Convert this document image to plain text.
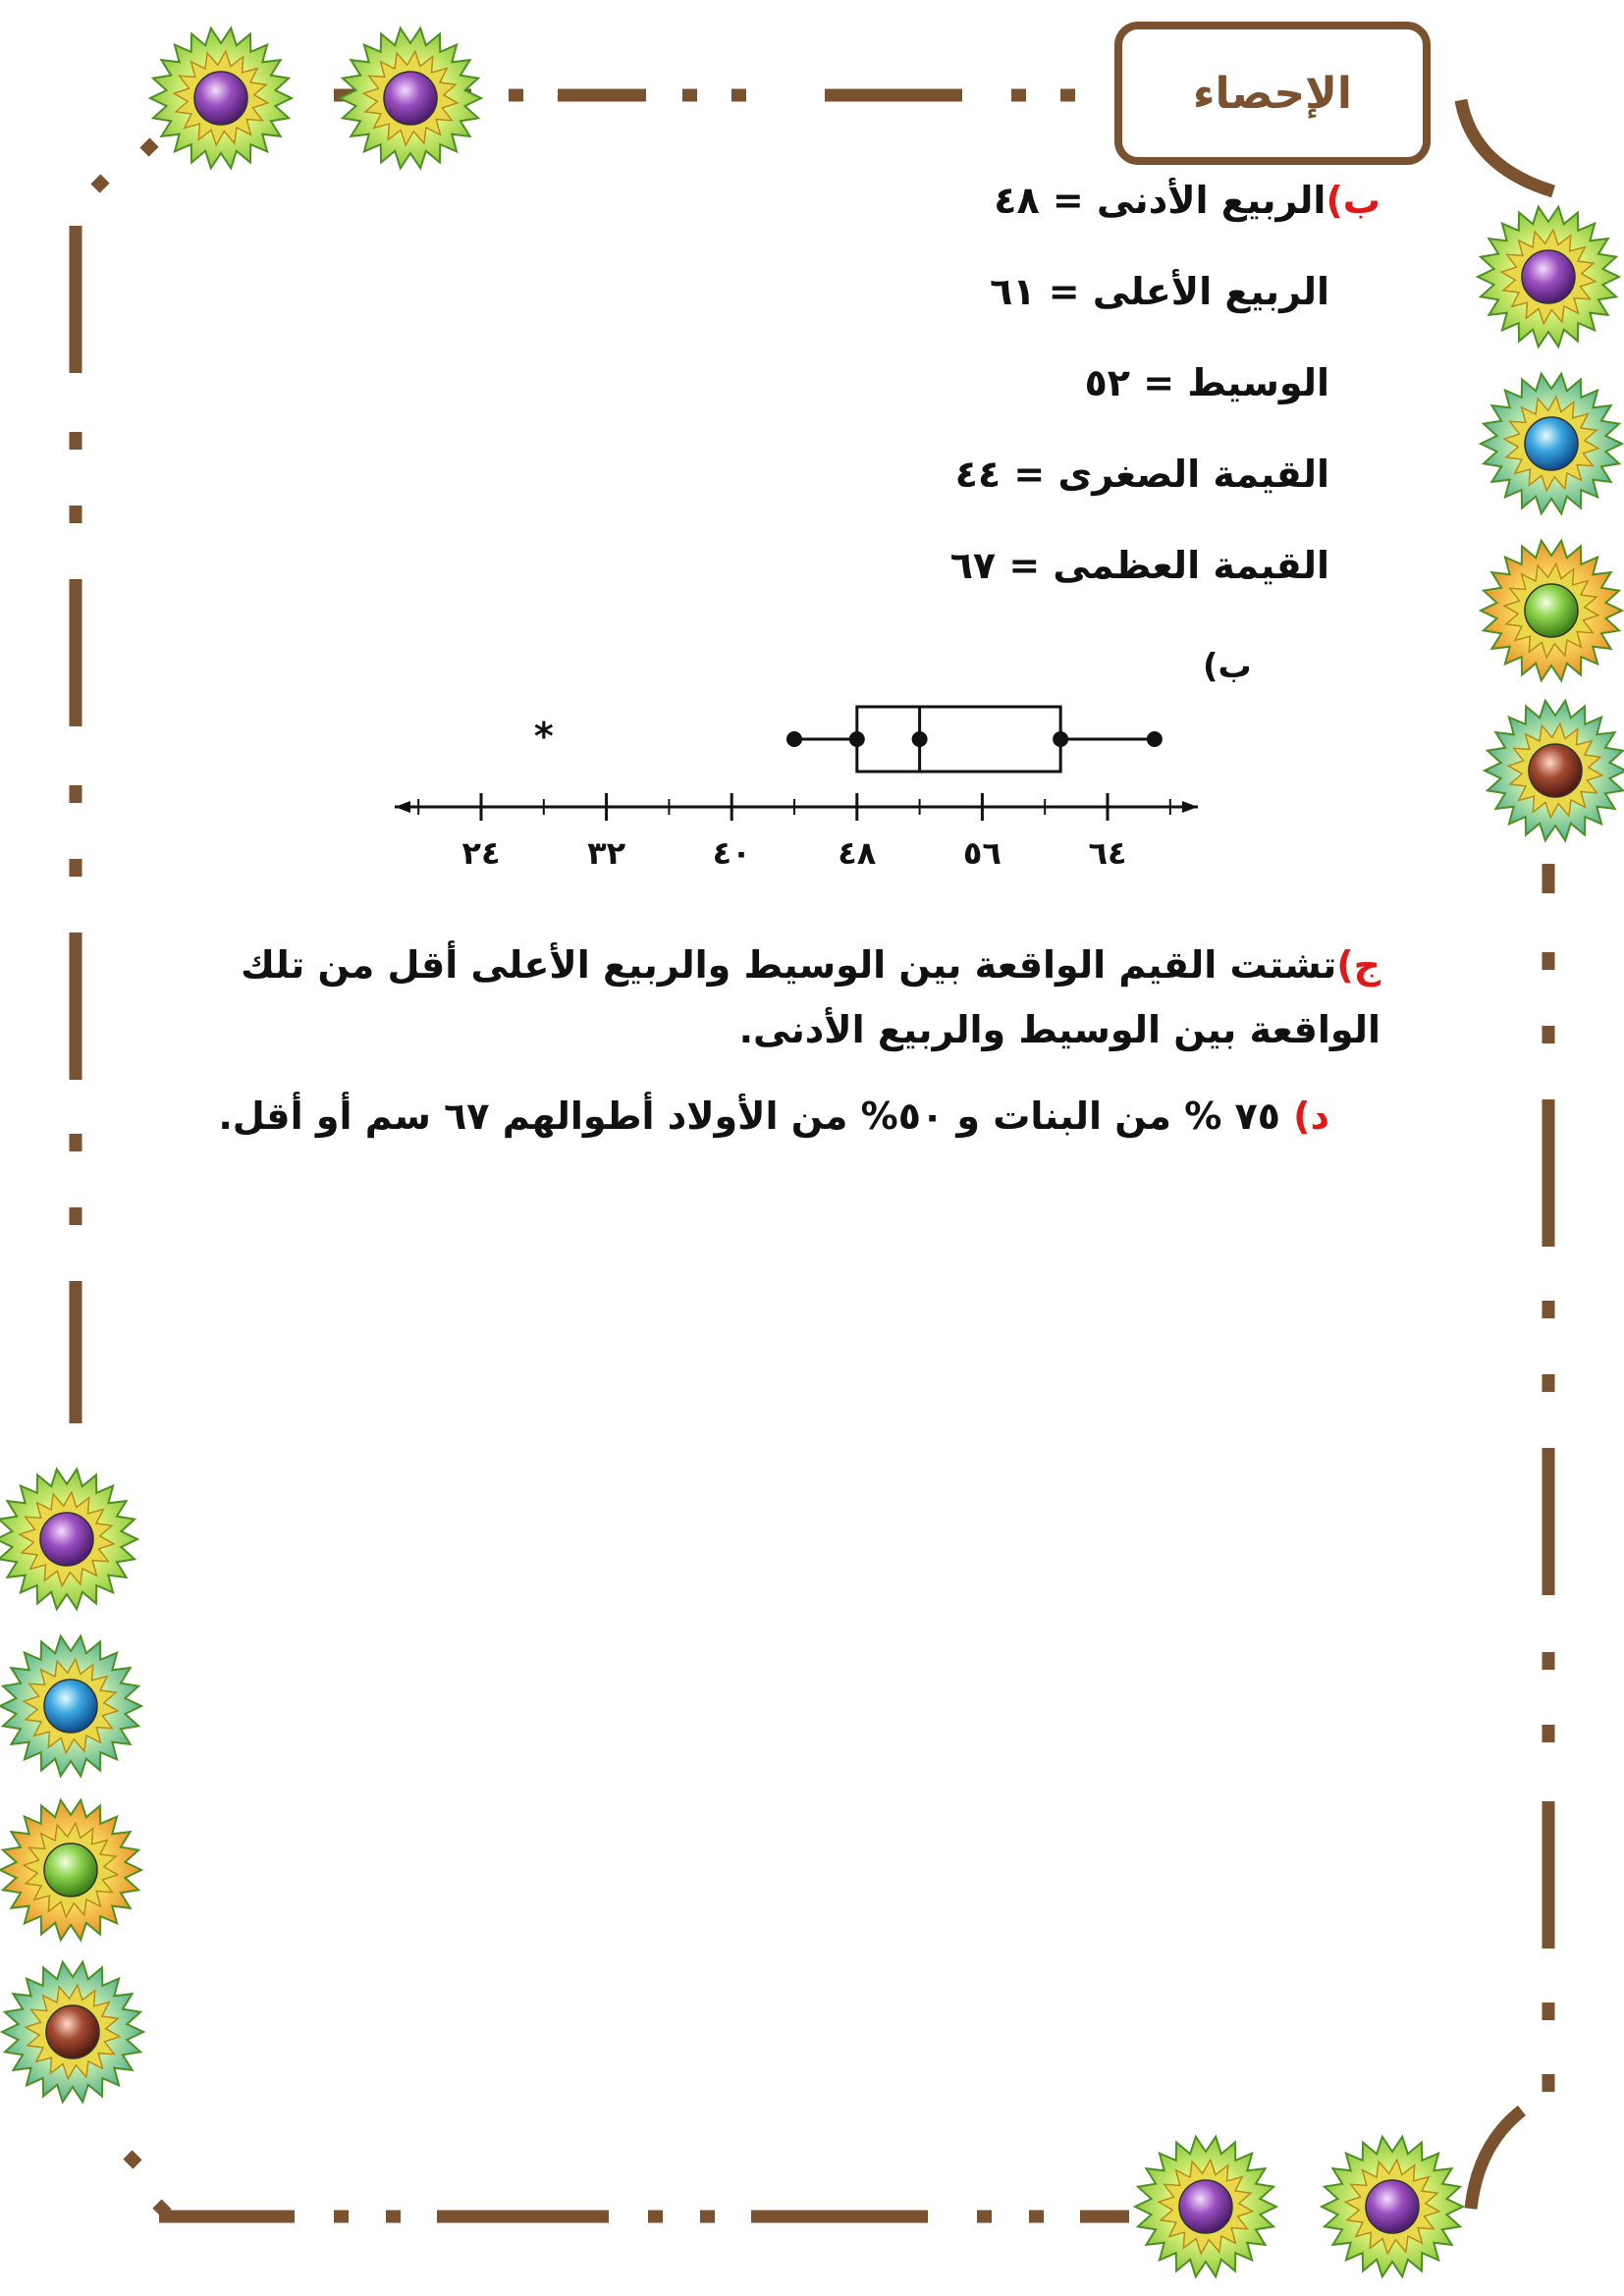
الإحصاء
ب)الربيع الأدنى = ٤٨
الربيع الأعلى = ٦١
الوسيط = ٥٢
القيمة الصغرى = ٤٤
القيمة العظمى = ٦٧
ب)
٢٤	٣٢	٤٠	٤٨	٥٦	٦٤
*
ج)تشتت القيم الواقعة بين الوسيط والربيع الأعلى أقل من تلك الواقعة بين الوسيط والربيع الأدنى.
د) ٧٥ % من البنات و ٥٠% من الأولاد أطوالهم ٦٧ سم أو أقل.
